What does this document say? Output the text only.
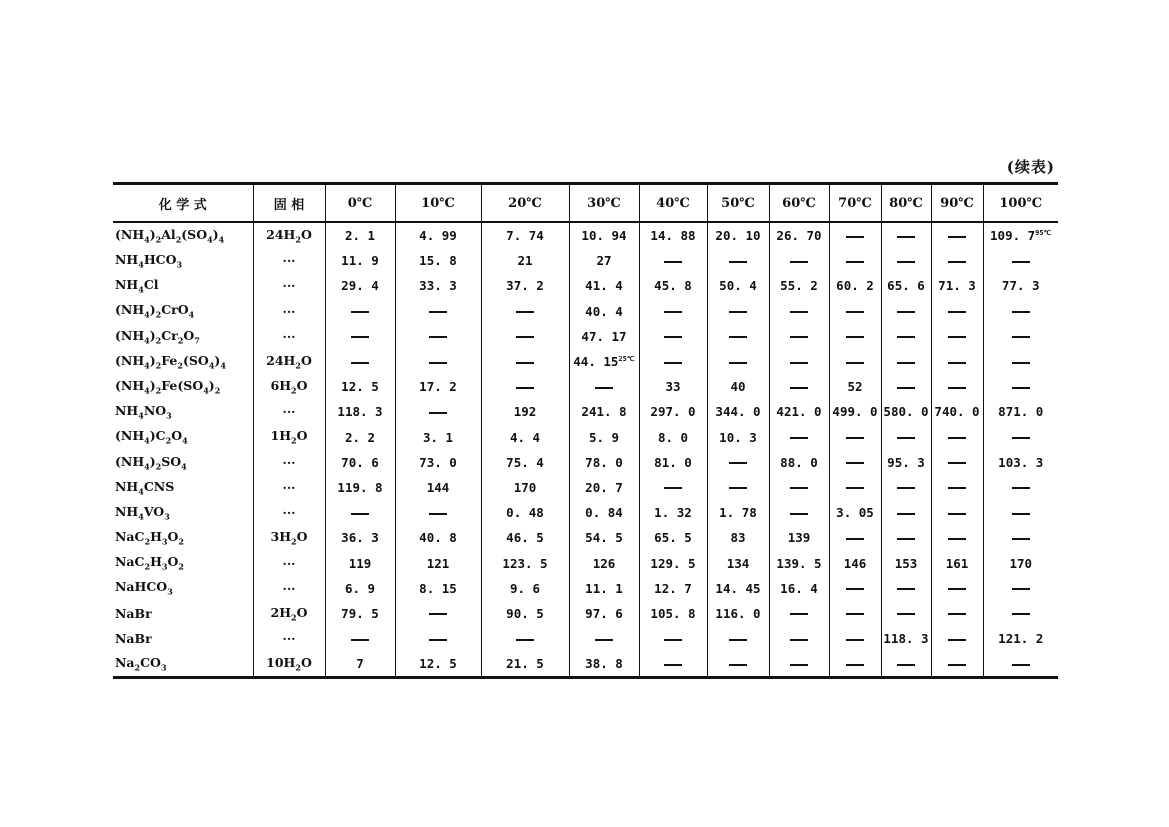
(续表)
化 学 式	固 相	0℃	10℃	20℃	30℃	40℃	50℃	60℃	70℃	80℃	90℃	100℃
$(NH_4)_2Al_2(SO_4)_4$	$24H_2O$	2. 1	4. 99	7. 74	10. 94	14. 88	20. 10	26. 70				109. $7^{95℃}$
$NH_4HCO_3$	···	11. 9	15. 8	21	27							
$NH_4Cl$	···	29. 4	33. 3	37. 2	41. 4	45. 8	50. 4	55. 2	60. 2	65. 6	71. 3	77. 3
$(NH_4)_2CrO_4$	···				40. 4							
$(NH_4)_2Cr_2O_7$	···				47. 17							
$(NH_4)_2Fe_2(SO_4)_4$	$24H_2O$				44. $15^{25℃}$							
$(NH_4)_2Fe(SO_4)_2$	$6H_2O$	12. 5	17. 2			33	40		52			
$NH_4NO_3$	···	118. 3		192	241. 8	297. 0	344. 0	421. 0	499. 0	580. 0	740. 0	871. 0
$(NH_4)C_2O_4$	$1H_2O$	2. 2	3. 1	4. 4	5. 9	8. 0	10. 3					
$(NH_4)_2SO_4$	···	70. 6	73. 0	75. 4	78. 0	81. 0		88. 0		95. 3		103. 3
$NH_4CNS$	···	119. 8	144	170	20. 7							
$NH_4VO_3$	···			0. 48	0. 84	1. 32	1. 78		3. 05			
$NaC_2H_3O_2$	$3H_2O$	36. 3	40. 8	46. 5	54. 5	65. 5	83	139				
$NaC_2H_3O_2$	···	119	121	123. 5	126	129. 5	134	139. 5	146	153	161	170
NaHCO$_3$	···	6. 9	8. 15	9. 6	11. 1	12. 7	14. 45	16. 4				
NaBr	$2H_2O$	79. 5		90. 5	97. 6	105. 8	116. 0					
NaBr	···									118. 3		121. 2
$Na_2CO_3$	$10H_2O$	7	12. 5	21. 5	38. 8							
